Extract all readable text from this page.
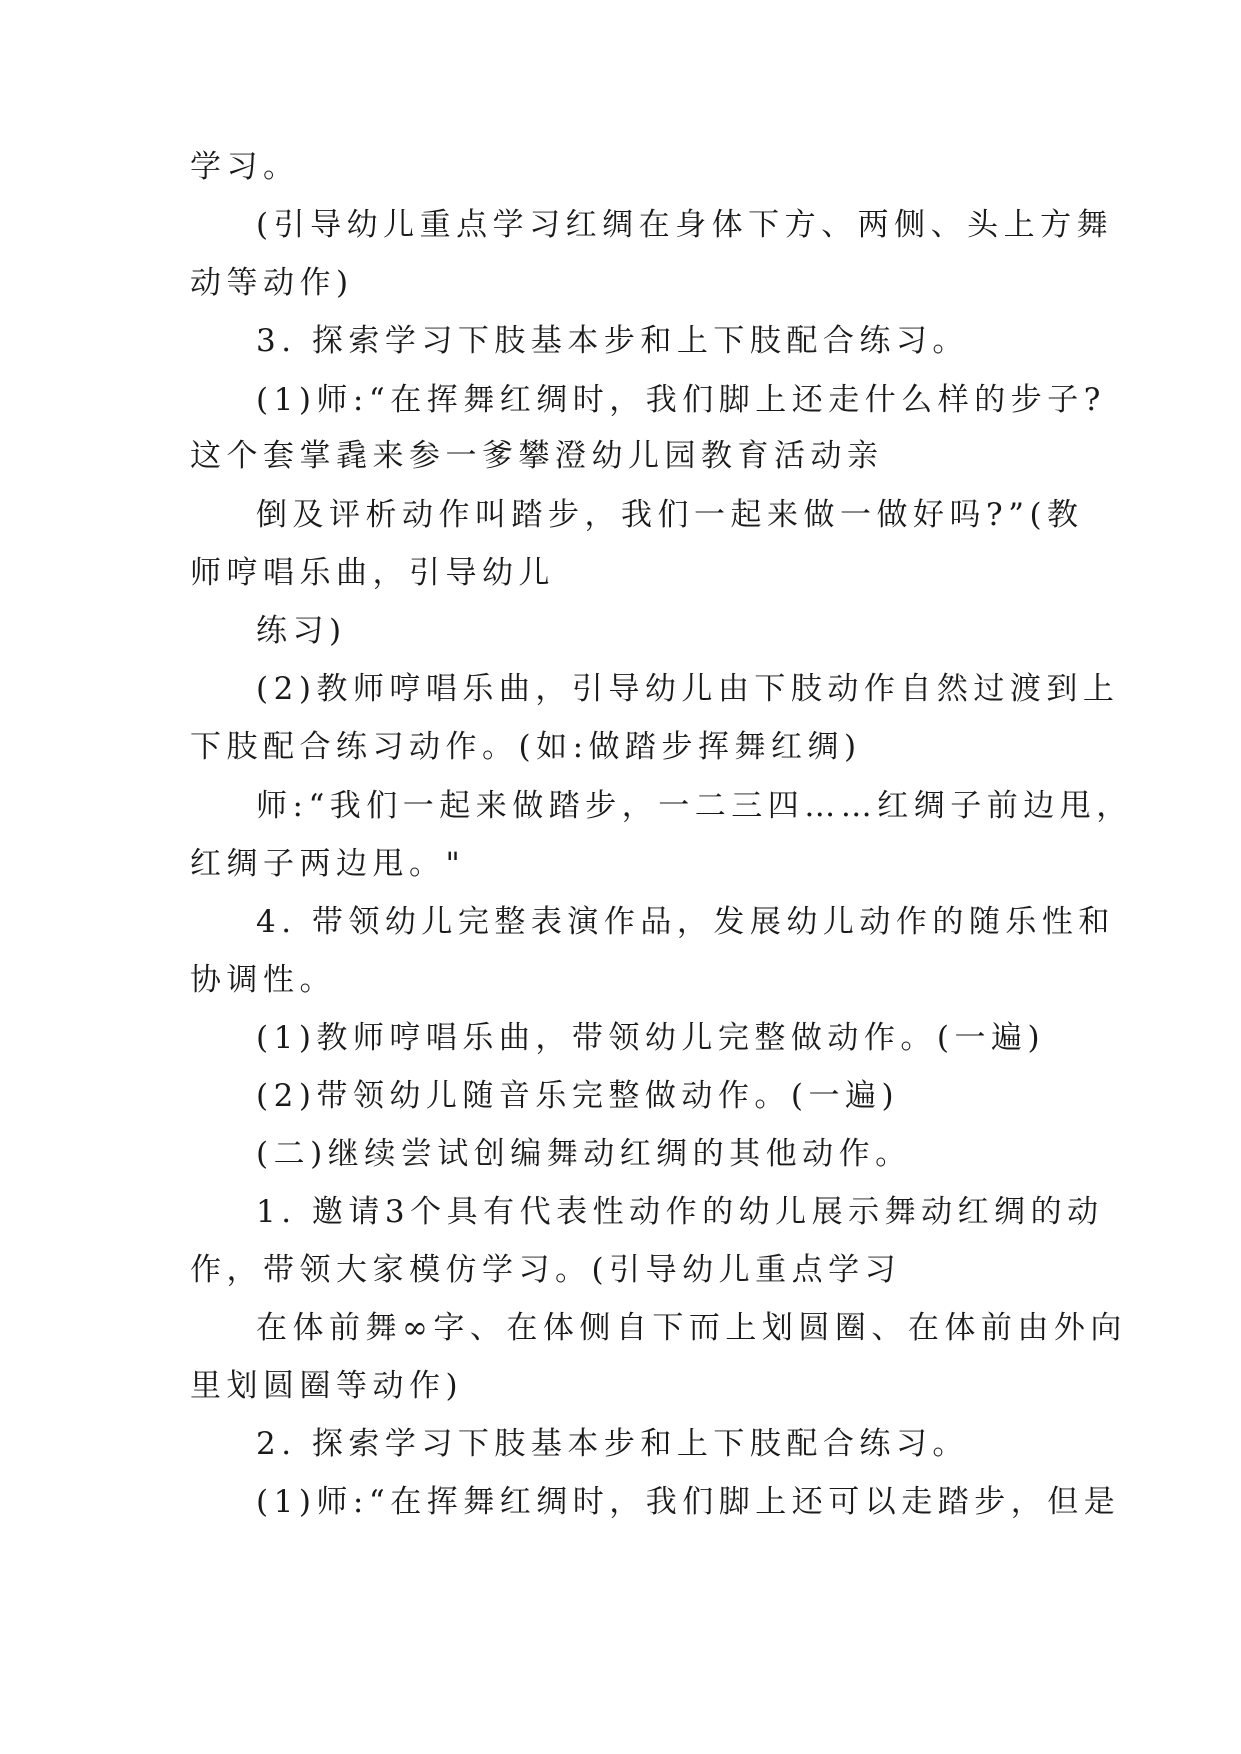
学习。
(引导幼儿重点学习红绸在身体下方、两侧、头上方舞
动等动作)
3. 探索学习下肢基本步和上下肢配合练习。
(1)师:“在挥舞红绸时，我们脚上还走什么样的步子?
这个套掌毳来参一爹攀澄幼儿园教育活动亲
倒及评析动作叫踏步，我们一起来做一做好吗?”(教
师哼唱乐曲，引导幼儿
练习)
(2)教师哼唱乐曲，引导幼儿由下肢动作自然过渡到上
下肢配合练习动作。(如:做踏步挥舞红绸)
师:“我们一起来做踏步，一二三四……红绸子前边甩，
红绸子两边甩。"
4. 带领幼儿完整表演作品，发展幼儿动作的随乐性和
协调性。
(1)教师哼唱乐曲，带领幼儿完整做动作。(一遍)
(2)带领幼儿随音乐完整做动作。(一遍)
(二)继续尝试创编舞动红绸的其他动作。
1. 邀请3个具有代表性动作的幼儿展示舞动红绸的动
作，带领大家模仿学习。(引导幼儿重点学习
在体前舞∞字、在体侧自下而上划圆圈、在体前由外向
里划圆圈等动作)
2. 探索学习下肢基本步和上下肢配合练习。
(1)师:“在挥舞红绸时，我们脚上还可以走踏步，但是
